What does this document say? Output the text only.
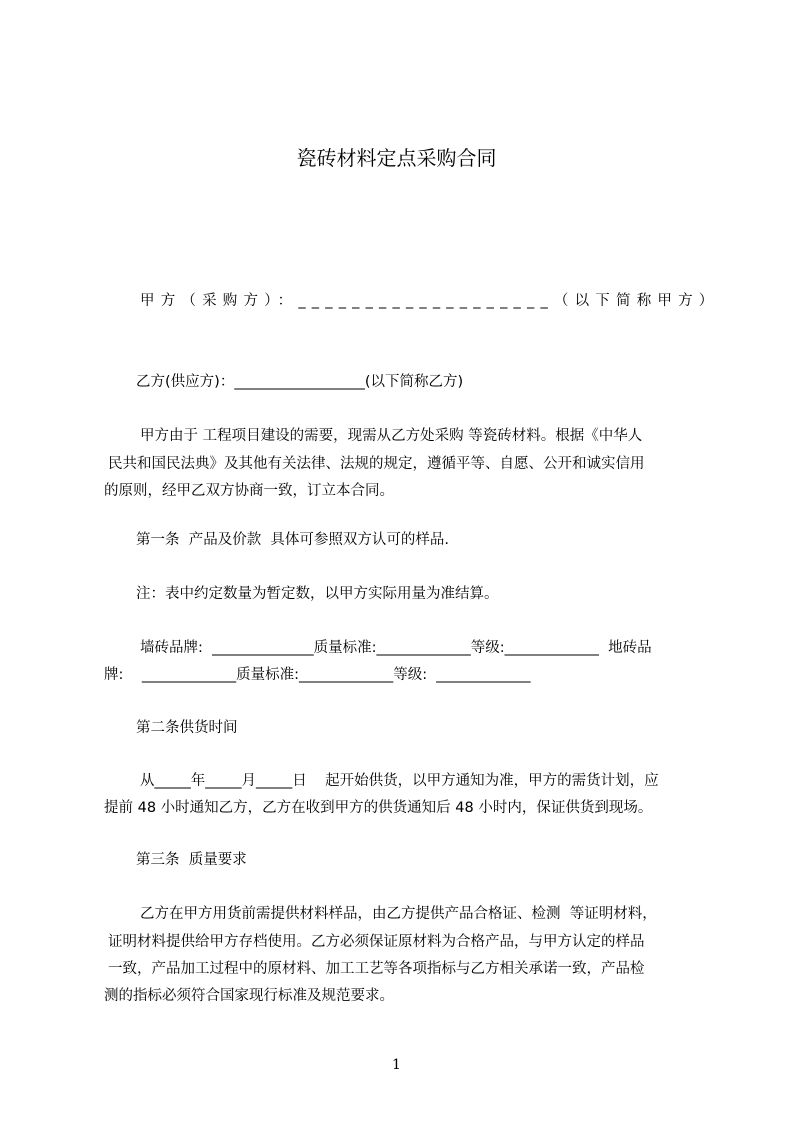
瓷砖材料定点采购合同
甲方（采购方）：___________________（以下简称甲方）
乙方(供应方)：__________________(以下简称乙方)
甲方由于 工程项目建设的需要，现需从乙方处采购 等瓷砖材料。根据《中华人
民共和国民法典》及其他有关法律、法规的规定，遵循平等、自愿、公开和诚实信用
的原则，经甲乙双方协商一致，订立本合同。
第一条  产品及价款  具体可参照双方认可的样品.
注：表中约定数量为暂定数，以甲方实际用量为准结算。
墙砖品牌:  ______________质量标准:_____________等级:_____________  地砖品
牌:    _____________质量标准:_____________等级:  _____________
第二条供货时间
从_____年_____月_____日    起开始供货，以甲方通知为准，甲方的需货计划，应
提前 48 小时通知乙方，乙方在收到甲方的供货通知后 48 小时内，保证供货到现场。
第三条  质量要求
乙方在甲方用货前需提供材料样品，由乙方提供产品合格证、检测  等证明材料，
证明材料提供给甲方存档使用。乙方必须保证原材料为合格产品，与甲方认定的样品
一致，产品加工过程中的原材料、加工工艺等各项指标与乙方相关承诺一致，产品检
测的指标必须符合国家现行标准及规范要求。
1
